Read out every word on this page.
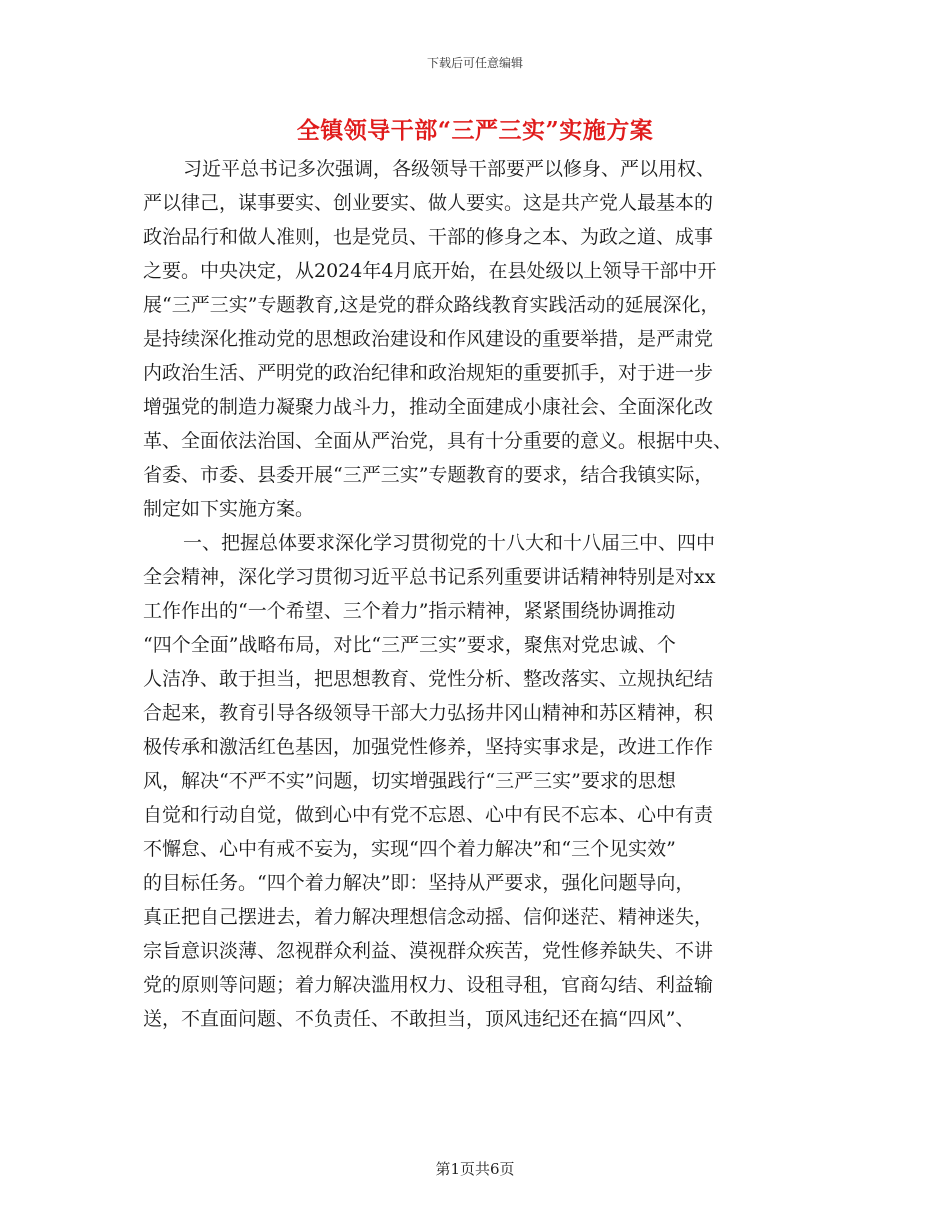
下载后可任意编辑
全镇领导干部“三严三实”实施方案
习近平总书记多次强调，各级领导干部要严以修身、严以用权、
严以律己，谋事要实、创业要实、做人要实。这是共产党人最基本的
政治品行和做人准则，也是党员、干部的修身之本、为政之道、成事
之要。中央决定，从2024年4月底开始，在县处级以上领导干部中开
展“三严三实”专题教育,这是党的群众路线教育实践活动的延展深化，
是持续深化推动党的思想政治建设和作风建设的重要举措，是严肃党
内政治生活、严明党的政治纪律和政治规矩的重要抓手，对于进一步
增强党的制造力凝聚力战斗力，推动全面建成小康社会、全面深化改
革、全面依法治国、全面从严治党，具有十分重要的意义。根据中央、
省委、市委、县委开展“三严三实”专题教育的要求，结合我镇实际，
制定如下实施方案。
一、把握总体要求深化学习贯彻党的十八大和十八届三中、四中
全会精神，深化学习贯彻习近平总书记系列重要讲话精神特别是对xx
工作作出的“一个希望、三个着力”指示精神，紧紧围绕协调推动
“四个全面”战略布局，对比“三严三实”要求，聚焦对党忠诚、个
人洁净、敢于担当，把思想教育、党性分析、整改落实、立规执纪结
合起来，教育引导各级领导干部大力弘扬井冈山精神和苏区精神，积
极传承和激活红色基因，加强党性修养，坚持实事求是，改进工作作
风，解决“不严不实”问题，切实增强践行“三严三实”要求的思想
自觉和行动自觉，做到心中有党不忘恩、心中有民不忘本、心中有责
不懈怠、心中有戒不妄为，实现“四个着力解决”和“三个见实效”
的目标任务。“四个着力解决”即：坚持从严要求，强化问题导向，
真正把自己摆进去，着力解决理想信念动摇、信仰迷茫、精神迷失，
宗旨意识淡薄、忽视群众利益、漠视群众疾苦，党性修养缺失、不讲
党的原则等问题；着力解决滥用权力、设租寻租，官商勾结、利益输
送，不直面问题、不负责任、不敢担当，顶风违纪还在搞“四风”、
第1页共6页
